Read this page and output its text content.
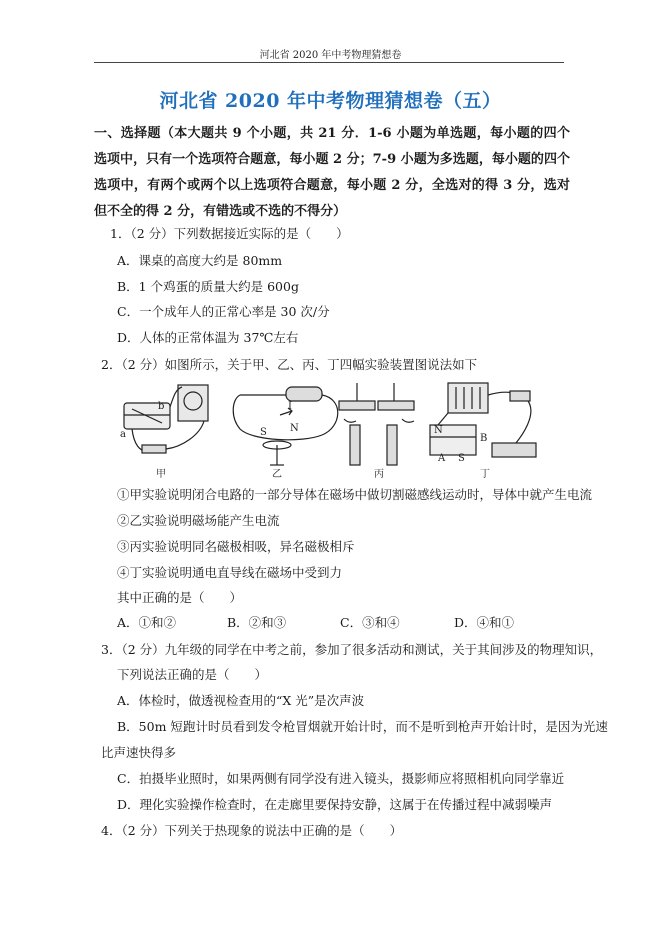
河北省 2020 年中考物理猜想卷
河北省 2020 年中考物理猜想卷（五）
一、选择题（本大题共 9 个小题，共 21 分．1-6 小题为单选题，每小题的四个选项中，只有一个选项符合题意，每小题 2 分；7-9 小题为多选题，每小题的四个选项中，有两个或两个以上选项符合题意，每小题 2 分，全选对的得 3 分，选对但不全的得 2 分，有错选或不选的不得分）
1．（2 分）下列数据接近实际的是（　　）
A．课桌的高度大约是 80mm
B．1 个鸡蛋的质量大约是 600g
C．一个成年人的正常心率是 30 次/分
D．人体的正常体温为 37℃左右
2．（2 分）如图所示，关于甲、乙、丙、丁四幅实验装置图说法如下
I
N
S
a
b
N
A S
B
甲	乙	丙	丁
①甲实验说明闭合电路的一部分导体在磁场中做切割磁感线运动时，导体中就产生电流
②乙实验说明磁场能产生电流
③丙实验说明同名磁极相吸，异名磁极相斥
④丁实验说明通电直导线在磁场中受到力
其中正确的是（　　）
A．①和②	B．②和③	C．③和④	D．④和①
3．（2 分）九年级的同学在中考之前，参加了很多活动和测试，关于其间涉及的物理知识，
下列说法正确的是（　　）
A．体检时，做透视检查用的“X 光”是次声波
B．50m 短跑计时员看到发令枪冒烟就开始计时，而不是听到枪声开始计时，是因为光速
比声速快得多
C．拍摄毕业照时，如果两侧有同学没有进入镜头，摄影师应将照相机向同学靠近
D．理化实验操作检查时，在走廊里要保持安静，这属于在传播过程中减弱噪声
4．（2 分）下列关于热现象的说法中正确的是（　　）
